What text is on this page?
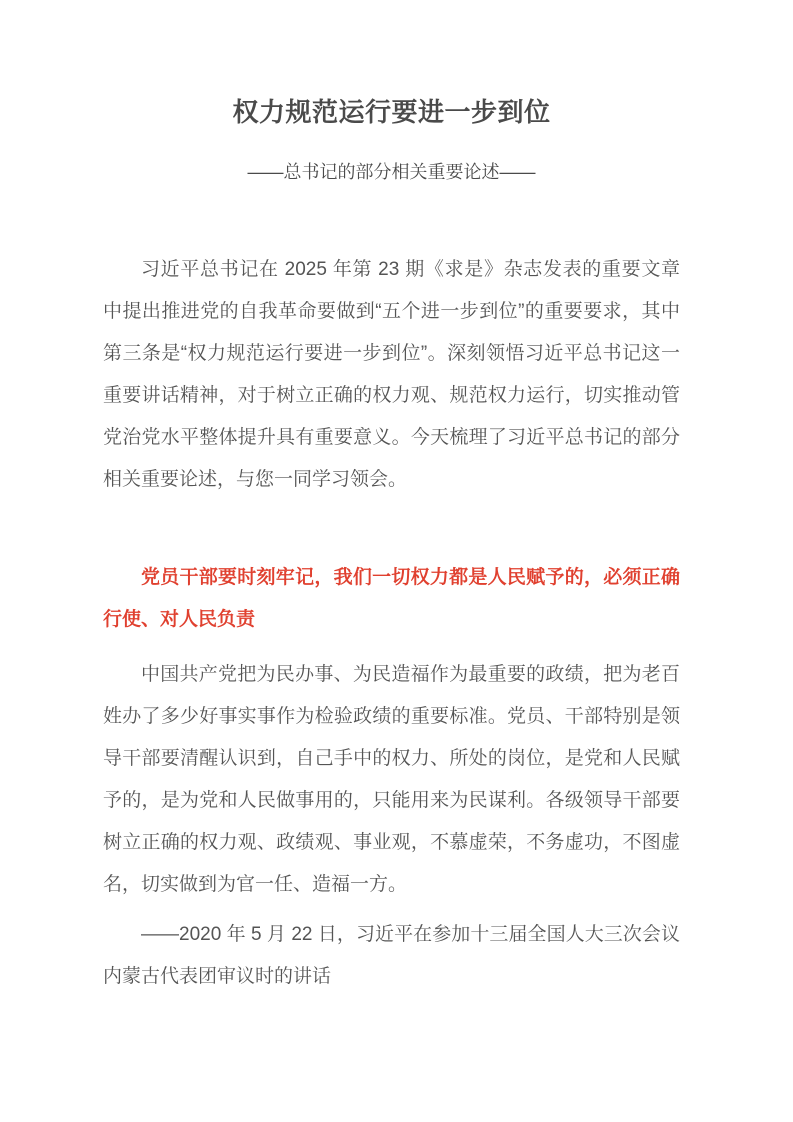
权力规范运行要进一步到位
——总书记的部分相关重要论述——

习近平总书记在 2025 年第 23 期《求是》杂志发表的重要文章中提出推进党的自我革命要做到“五个进一步到位”的重要要求，其中第三条是“权力规范运行要进一步到位”。深刻领悟习近平总书记这一重要讲话精神，对于树立正确的权力观、规范权力运行，切实推动管党治党水平整体提升具有重要意义。今天梳理了习近平总书记的部分相关重要论述，与您一同学习领会。

党员干部要时刻牢记，我们一切权力都是人民赋予的，必须正确行使、对人民负责

中国共产党把为民办事、为民造福作为最重要的政绩，把为老百姓办了多少好事实事作为检验政绩的重要标准。党员、干部特别是领导干部要清醒认识到，自己手中的权力、所处的岗位，是党和人民赋予的，是为党和人民做事用的，只能用来为民谋利。各级领导干部要树立正确的权力观、政绩观、事业观，不慕虚荣，不务虚功，不图虚名，切实做到为官一任、造福一方。

——2020 年 5 月 22 日，习近平在参加十三届全国人大三次会议内蒙古代表团审议时的讲话
